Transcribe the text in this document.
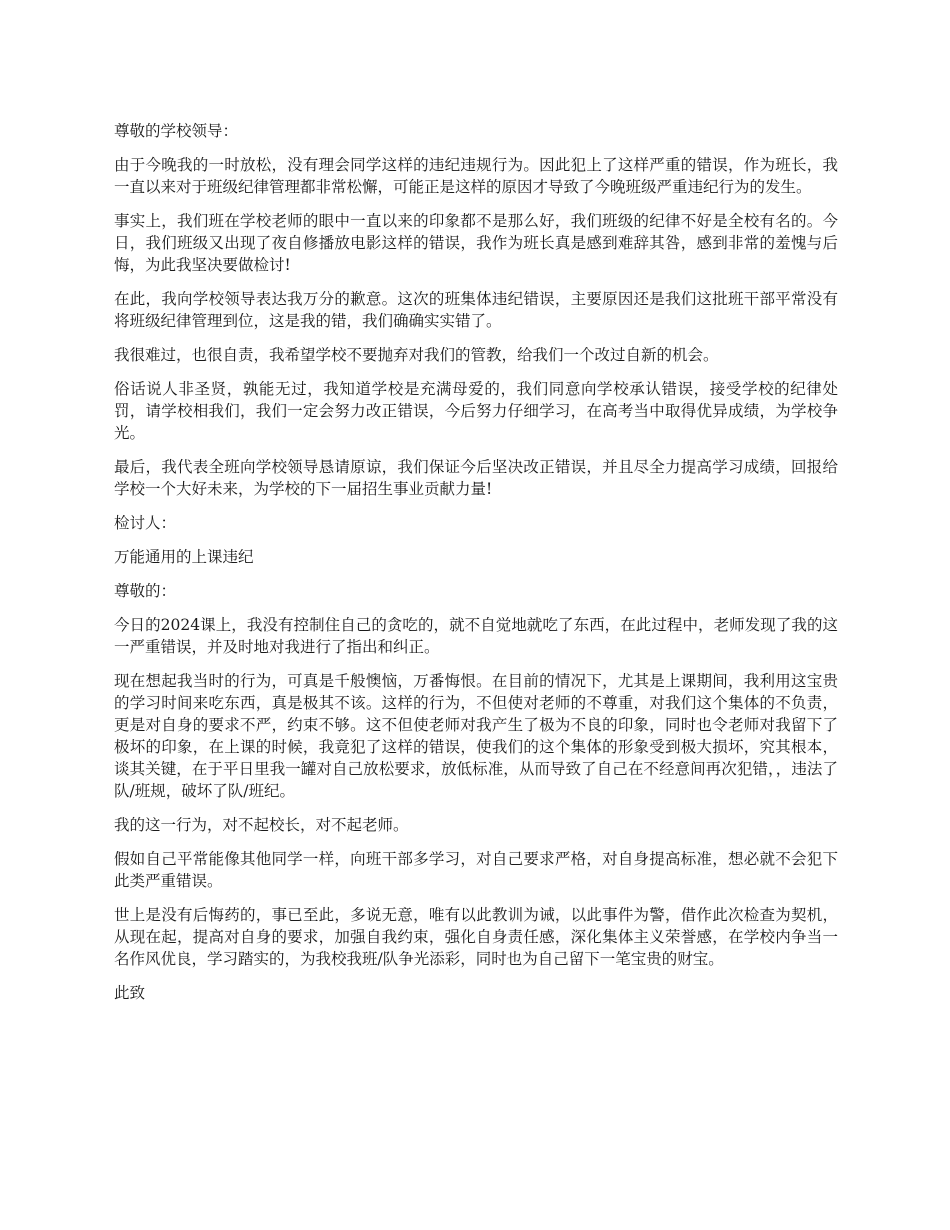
尊敬的学校领导：

由于今晚我的一时放松，没有理会同学这样的违纪违规行为。因此犯上了这样严重的错误，作为班长，我一直以来对于班级纪律管理都非常松懈，可能正是这样的原因才导致了今晚班级严重违纪行为的发生。

事实上，我们班在学校老师的眼中一直以来的印象都不是那么好，我们班级的纪律不好是全校有名的。今日，我们班级又出现了夜自修播放电影这样的错误，我作为班长真是感到难辞其咎，感到非常的羞愧与后悔，为此我坚决要做检讨!

在此，我向学校领导表达我万分的歉意。这次的班集体违纪错误，主要原因还是我们这批班干部平常没有将班级纪律管理到位，这是我的错，我们确确实实错了。

我很难过，也很自责，我希望学校不要抛弃对我们的管教，给我们一个改过自新的机会。

俗话说人非圣贤，孰能无过，我知道学校是充满母爱的，我们同意向学校承认错误，接受学校的纪律处罚，请学校相我们，我们一定会努力改正错误，今后努力仔细学习，在高考当中取得优异成绩，为学校争光。

最后，我代表全班向学校领导恳请原谅，我们保证今后坚决改正错误，并且尽全力提高学习成绩，回报给学校一个大好未来，为学校的下一届招生事业贡献力量!

检讨人：

万能通用的上课违纪

尊敬的：

今日的2024课上，我没有控制住自己的贪吃的，就不自觉地就吃了东西，在此过程中，老师发现了我的这一严重错误，并及时地对我进行了指出和纠正。

现在想起我当时的行为，可真是千般懊恼，万番悔恨。在目前的情况下，尤其是上课期间，我利用这宝贵的学习时间来吃东西，真是极其不该。这样的行为，不但使对老师的不尊重，对我们这个集体的不负责，更是对自身的要求不严，约束不够。这不但使老师对我产生了极为不良的印象，同时也令老师对我留下了极坏的印象，在上课的时候，我竟犯了这样的错误，使我们的这个集体的形象受到极大损坏，究其根本，谈其关键，在于平日里我一罐对自己放松要求，放低标准，从而导致了自己在不经意间再次犯错，，违法了队/班规，破坏了队/班纪。

我的这一行为，对不起校长，对不起老师。

假如自己平常能像其他同学一样，向班干部多学习，对自己要求严格，对自身提高标准，想必就不会犯下此类严重错误。

世上是没有后悔药的，事已至此，多说无意，唯有以此教训为诫，以此事件为警，借作此次检查为契机，从现在起，提高对自身的要求，加强自我约束，强化自身责任感，深化集体主义荣誉感，在学校内争当一名作风优良，学习踏实的，为我校我班/队争光添彩，同时也为自己留下一笔宝贵的财宝。

此致
